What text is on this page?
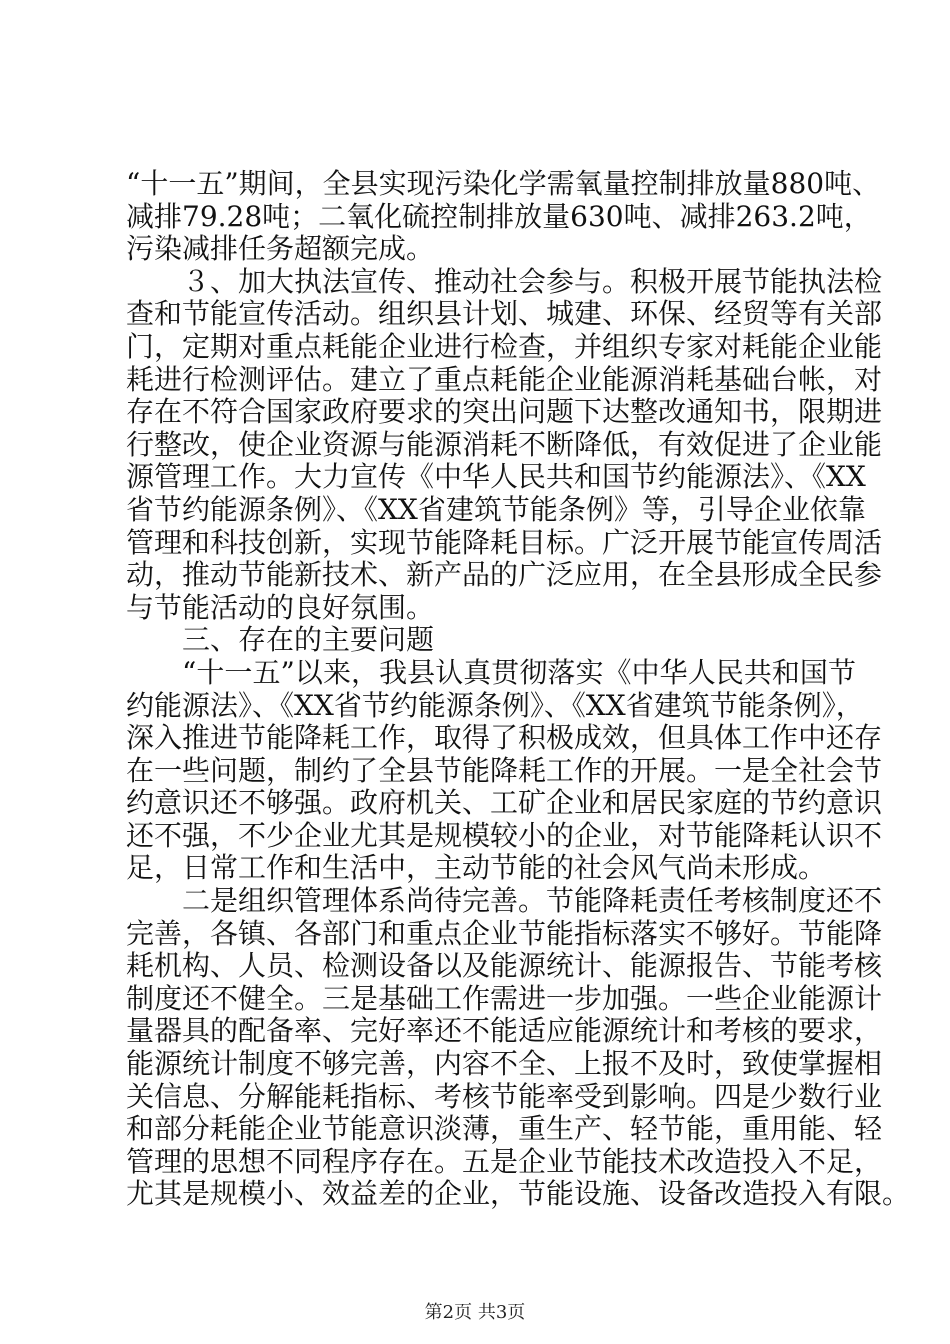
“十一五”期间，全县实现污染化学需氧量控制排放量880吨、
减排79.28吨；二氧化硫控制排放量630吨、减排263.2吨，
污染减排任务超额完成。
３、加大执法宣传、推动社会参与。积极开展节能执法检
查和节能宣传活动。组织县计划、城建、环保、经贸等有关部
门，定期对重点耗能企业进行检查，并组织专家对耗能企业能
耗进行检测评估。建立了重点耗能企业能源消耗基础台帐，对
存在不符合国家政府要求的突出问题下达整改通知书，限期进
行整改，使企业资源与能源消耗不断降低，有效促进了企业能
源管理工作。大力宣传《中华人民共和国节约能源法》、《XX
省节约能源条例》、《XX省建筑节能条例》等，引导企业依靠
管理和科技创新，实现节能降耗目标。广泛开展节能宣传周活
动，推动节能新技术、新产品的广泛应用，在全县形成全民参
与节能活动的良好氛围。
三、存在的主要问题
“十一五”以来，我县认真贯彻落实《中华人民共和国节
约能源法》、《XX省节约能源条例》、《XX省建筑节能条例》，
深入推进节能降耗工作，取得了积极成效，但具体工作中还存
在一些问题，制约了全县节能降耗工作的开展。一是全社会节
约意识还不够强。政府机关、工矿企业和居民家庭的节约意识
还不强，不少企业尤其是规模较小的企业，对节能降耗认识不
足，日常工作和生活中，主动节能的社会风气尚未形成。
二是组织管理体系尚待完善。节能降耗责任考核制度还不
完善，各镇、各部门和重点企业节能指标落实不够好。节能降
耗机构、人员、检测设备以及能源统计、能源报告、节能考核
制度还不健全。三是基础工作需进一步加强。一些企业能源计
量器具的配备率、完好率还不能适应能源统计和考核的要求，
能源统计制度不够完善，内容不全、上报不及时，致使掌握相
关信息、分解能耗指标、考核节能率受到影响。四是少数行业
和部分耗能企业节能意识淡薄，重生产、轻节能，重用能、轻
管理的思想不同程序存在。五是企业节能技术改造投入不足，
尤其是规模小、效益差的企业，节能设施、设备改造投入有限。
第2页 共3页
